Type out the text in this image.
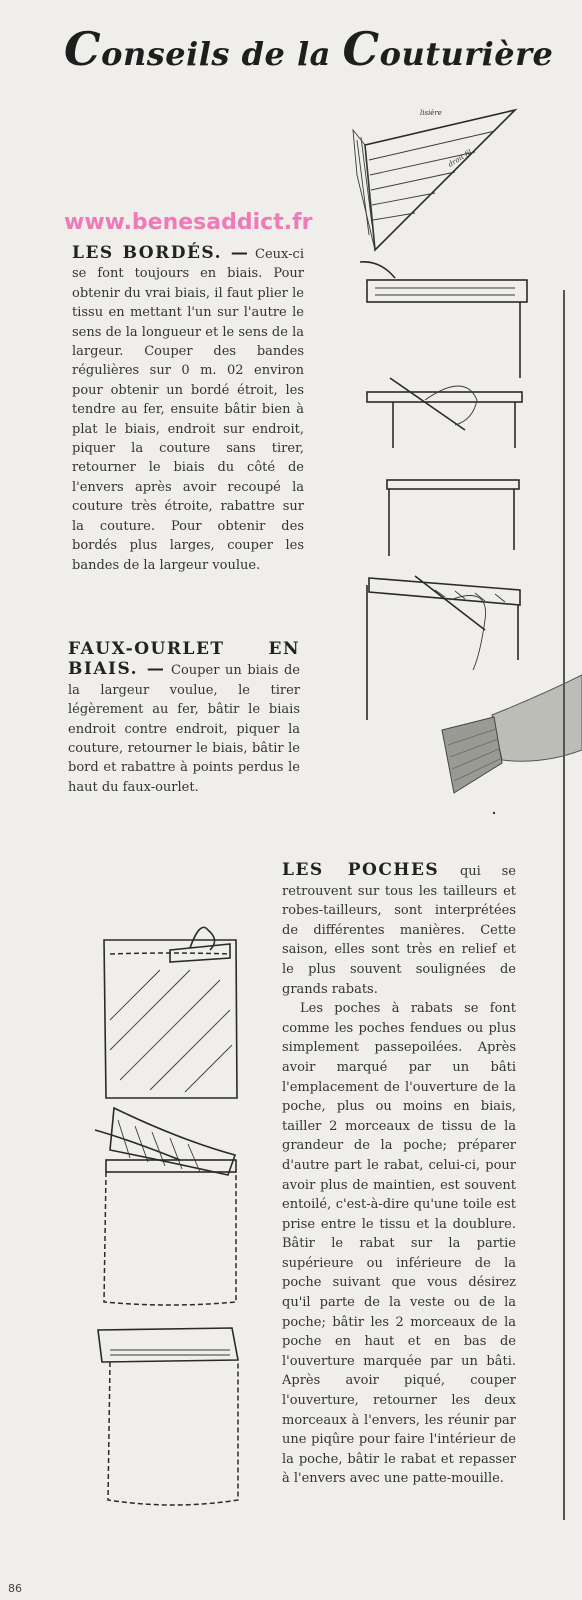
Conseils de la Couturière
www.benesaddict.fr

LES BORDÉS. — Ceux-ci se font toujours en biais. Pour obtenir du vrai biais, il faut plier le tissu en mettant l'un sur l'autre le sens de la longueur et le sens de la largeur. Couper des bandes régulières sur 0 m. 02 environ pour obtenir un bordé étroit, les tendre au fer, ensuite bâtir bien à plat le biais, endroit sur endroit, piquer la couture sans tirer, retourner le biais du côté de l'envers après avoir recoupé la couture très étroite, rabattre sur la couture. Pour obtenir des bordés plus larges, couper les bandes de la largeur voulue.

FAUX-OURLET EN BIAIS. — Couper un biais de la largeur voulue, le tirer légèrement au fer, bâtir le biais endroit contre endroit, piquer la couture, retourner le biais, bâtir le bord et rabattre à points perdus le haut du faux-ourlet.

LES POCHES qui se retrouvent sur tous les tailleurs et robes-tailleurs, sont interprétées de différentes manières. Cette saison, elles sont très en relief et le plus souvent soulignées de grands rabats.

Les poches à rabats se font comme les poches fendues ou plus simplement passepoilées. Après avoir marqué par un bâti l'emplacement de l'ouverture de la poche, plus ou moins en biais, tailler 2 morceaux de tissu de la grandeur de la poche; préparer d'autre part le rabat, celui-ci, pour avoir plus de maintien, est souvent entoilé, c'est-à-dire qu'une toile est prise entre le tissu et la doublure. Bâtir le rabat sur la partie supérieure ou inférieure de la poche suivant que vous désirez qu'il parte de la veste ou de la poche; bâtir les 2 morceaux de la poche en haut et en bas de l'ouverture marquée par un bâti. Après avoir piqué, couper l'ouverture, retourner les deux morceaux à l'envers, les réunir par une piqûre pour faire l'intérieur de la poche, bâtir le rabat et repasser à l'envers avec une patte-mouille.

lisière
droit fil
86
